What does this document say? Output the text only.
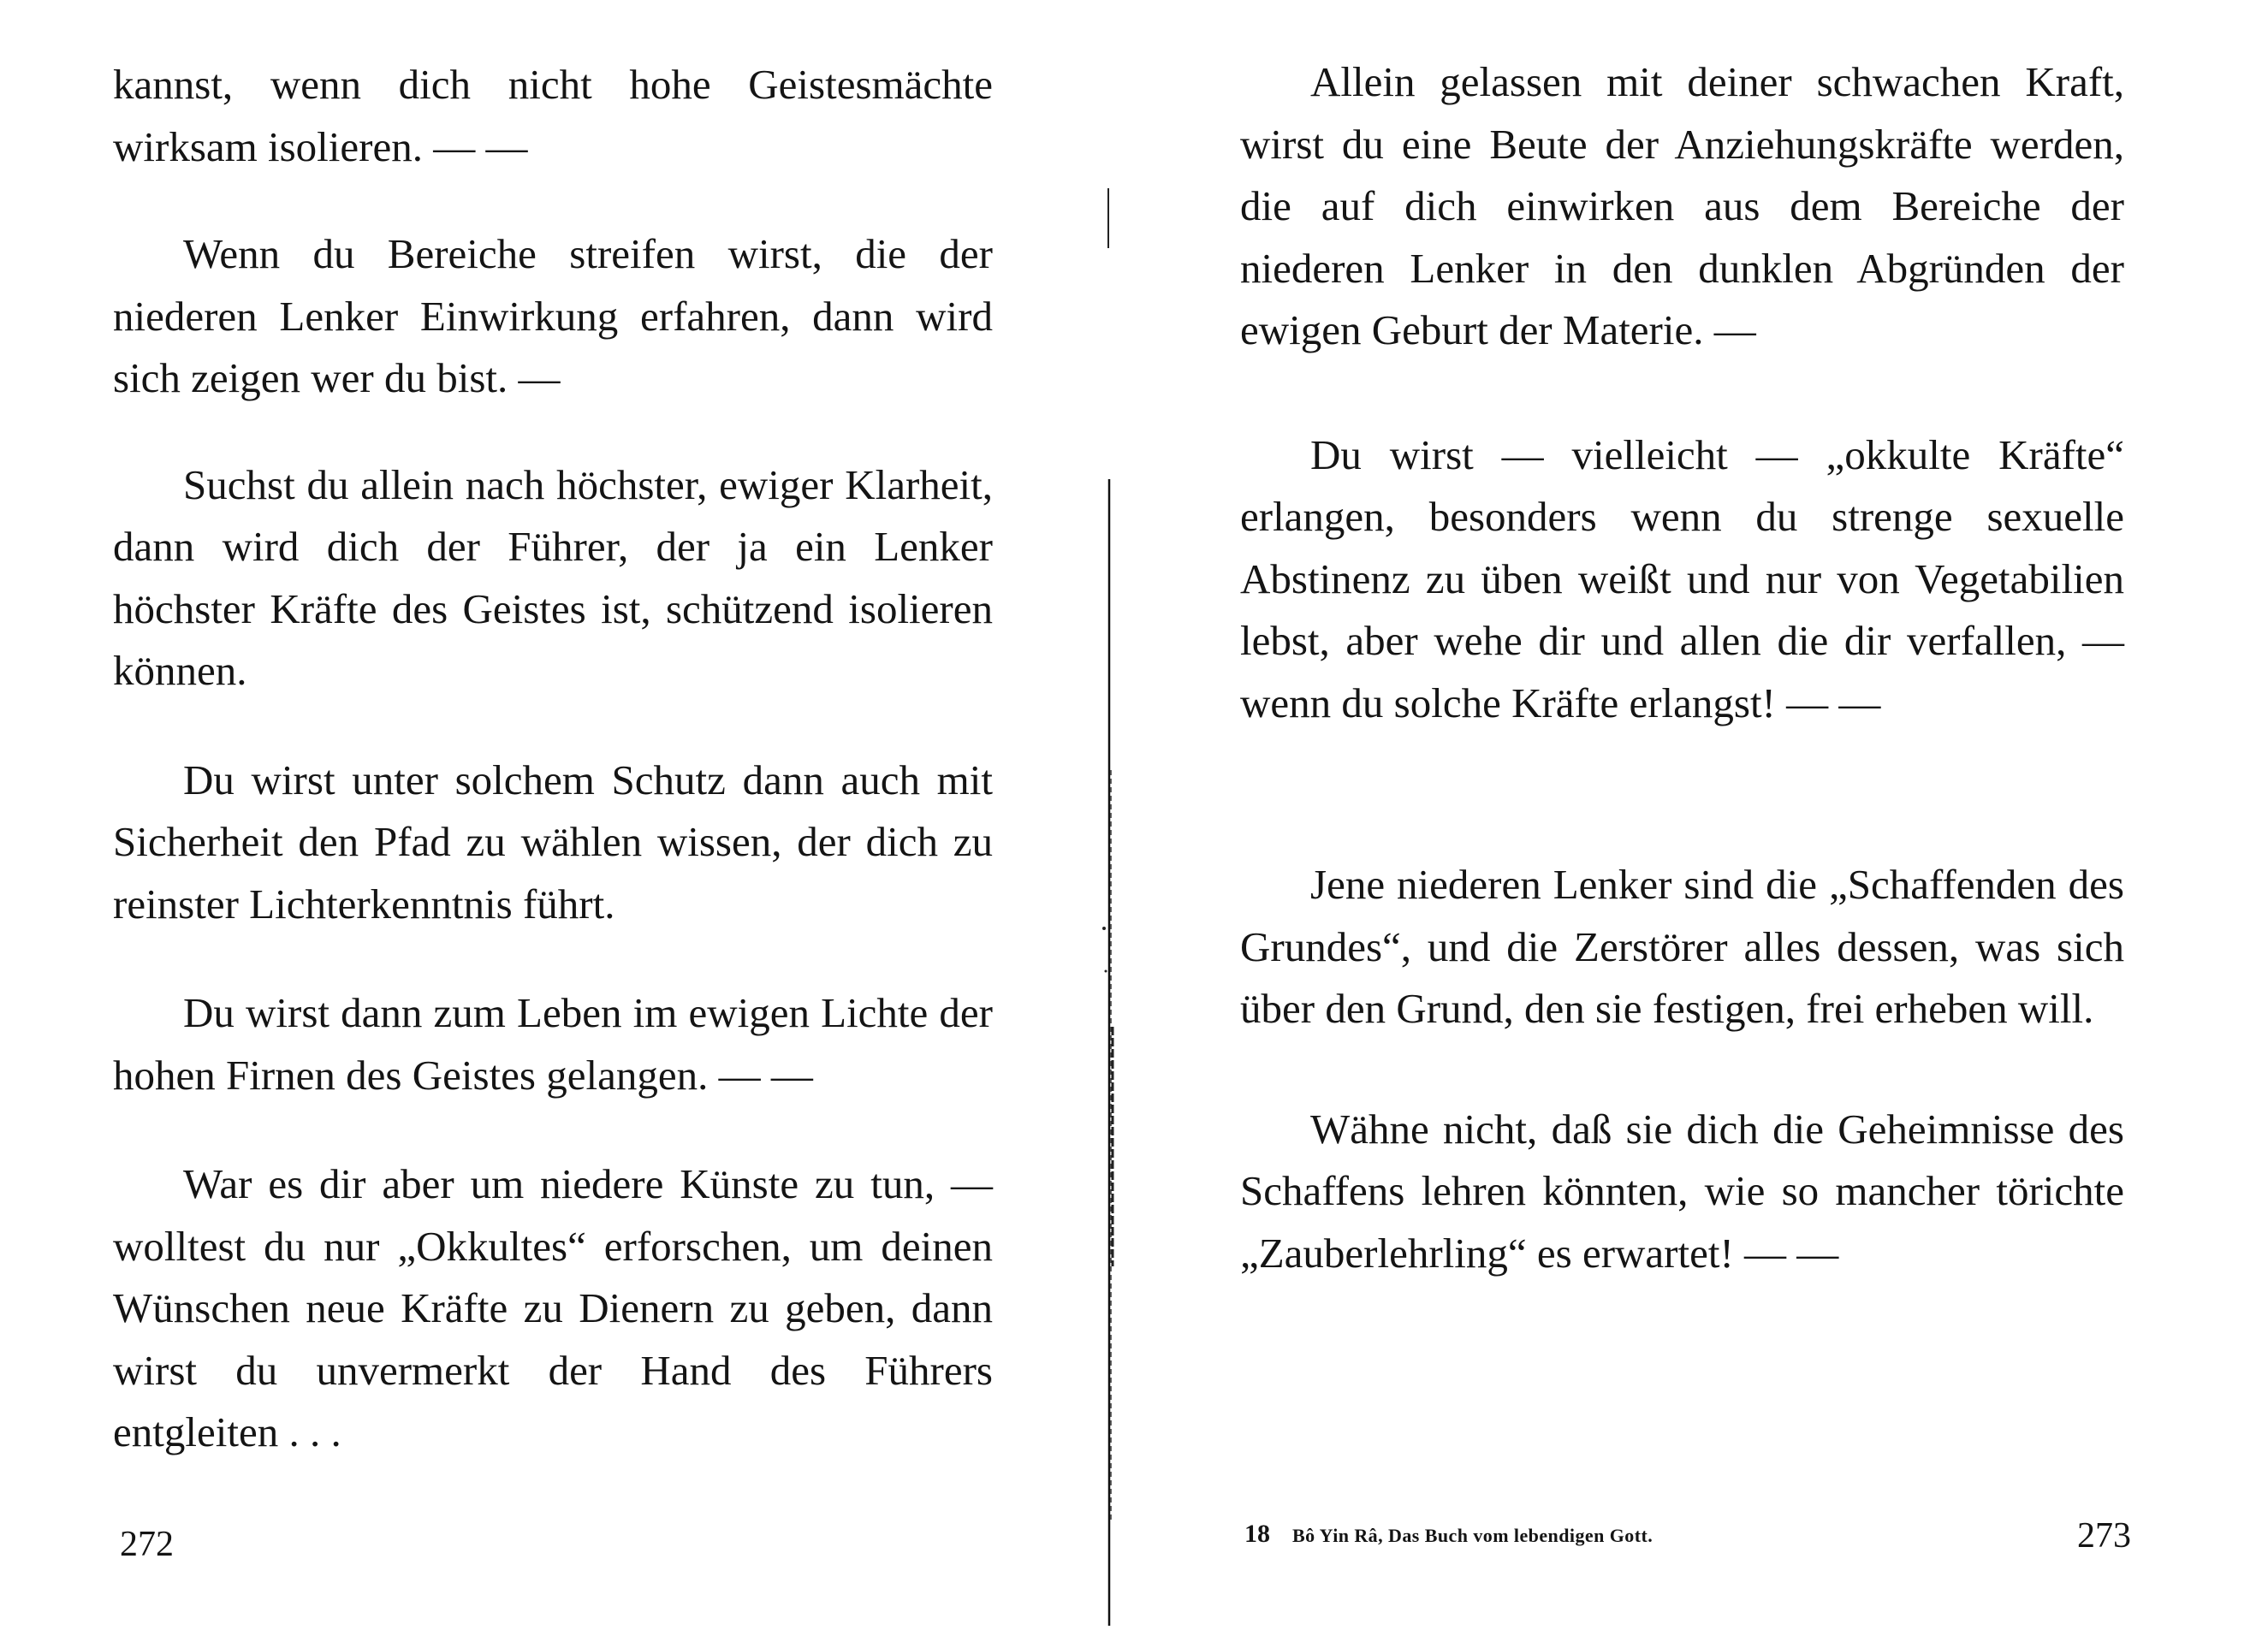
kannst, wenn dich nicht hohe Geistesmächte wirksam isolieren. — —

Wenn du Bereiche streifen wirst, die der niederen Lenker Einwirkung erfahren, dann wird sich zeigen wer du bist. —

Suchst du allein nach höchster, ewiger Klarheit, dann wird dich der Führer, der ja ein Lenker höchster Kräfte des Geistes ist, schützend isolieren können.

Du wirst unter solchem Schutz dann auch mit Sicherheit den Pfad zu wählen wissen, der dich zu reinster Lichterkenntnis führt.

Du wirst dann zum Leben im ewigen Lichte der hohen Firnen des Geistes gelangen. — —

War es dir aber um niedere Künste zu tun, — wolltest du nur „Okkultes“ erforschen, um deinen Wünschen neue Kräfte zu Dienern zu geben, dann wirst du unvermerkt der Hand des Führers entgleiten . . .

272

Allein gelassen mit deiner schwachen Kraft, wirst du eine Beute der Anziehungskräfte werden, die auf dich einwirken aus dem Bereiche der niederen Lenker in den dunklen Abgründen der ewigen Geburt der Materie. —

Du wirst — vielleicht — „okkulte Kräfte“ erlangen, besonders wenn du strenge sexuelle Abstinenz zu üben weißt und nur von Vegetabilien lebst, aber wehe dir und allen die dir verfallen, — wenn du solche Kräfte erlangst! — —

Jene niederen Lenker sind die „Schaffenden des Grundes“, und die Zerstörer alles dessen, was sich über den Grund, den sie festigen, frei erheben will.

Wähne nicht, daß sie dich die Geheimnisse des Schaffens lehren könnten, wie so mancher törichte „Zauberlehrling“ es erwartet! — —

18 Bô Yin Râ, Das Buch vom lebendigen Gott.	273
